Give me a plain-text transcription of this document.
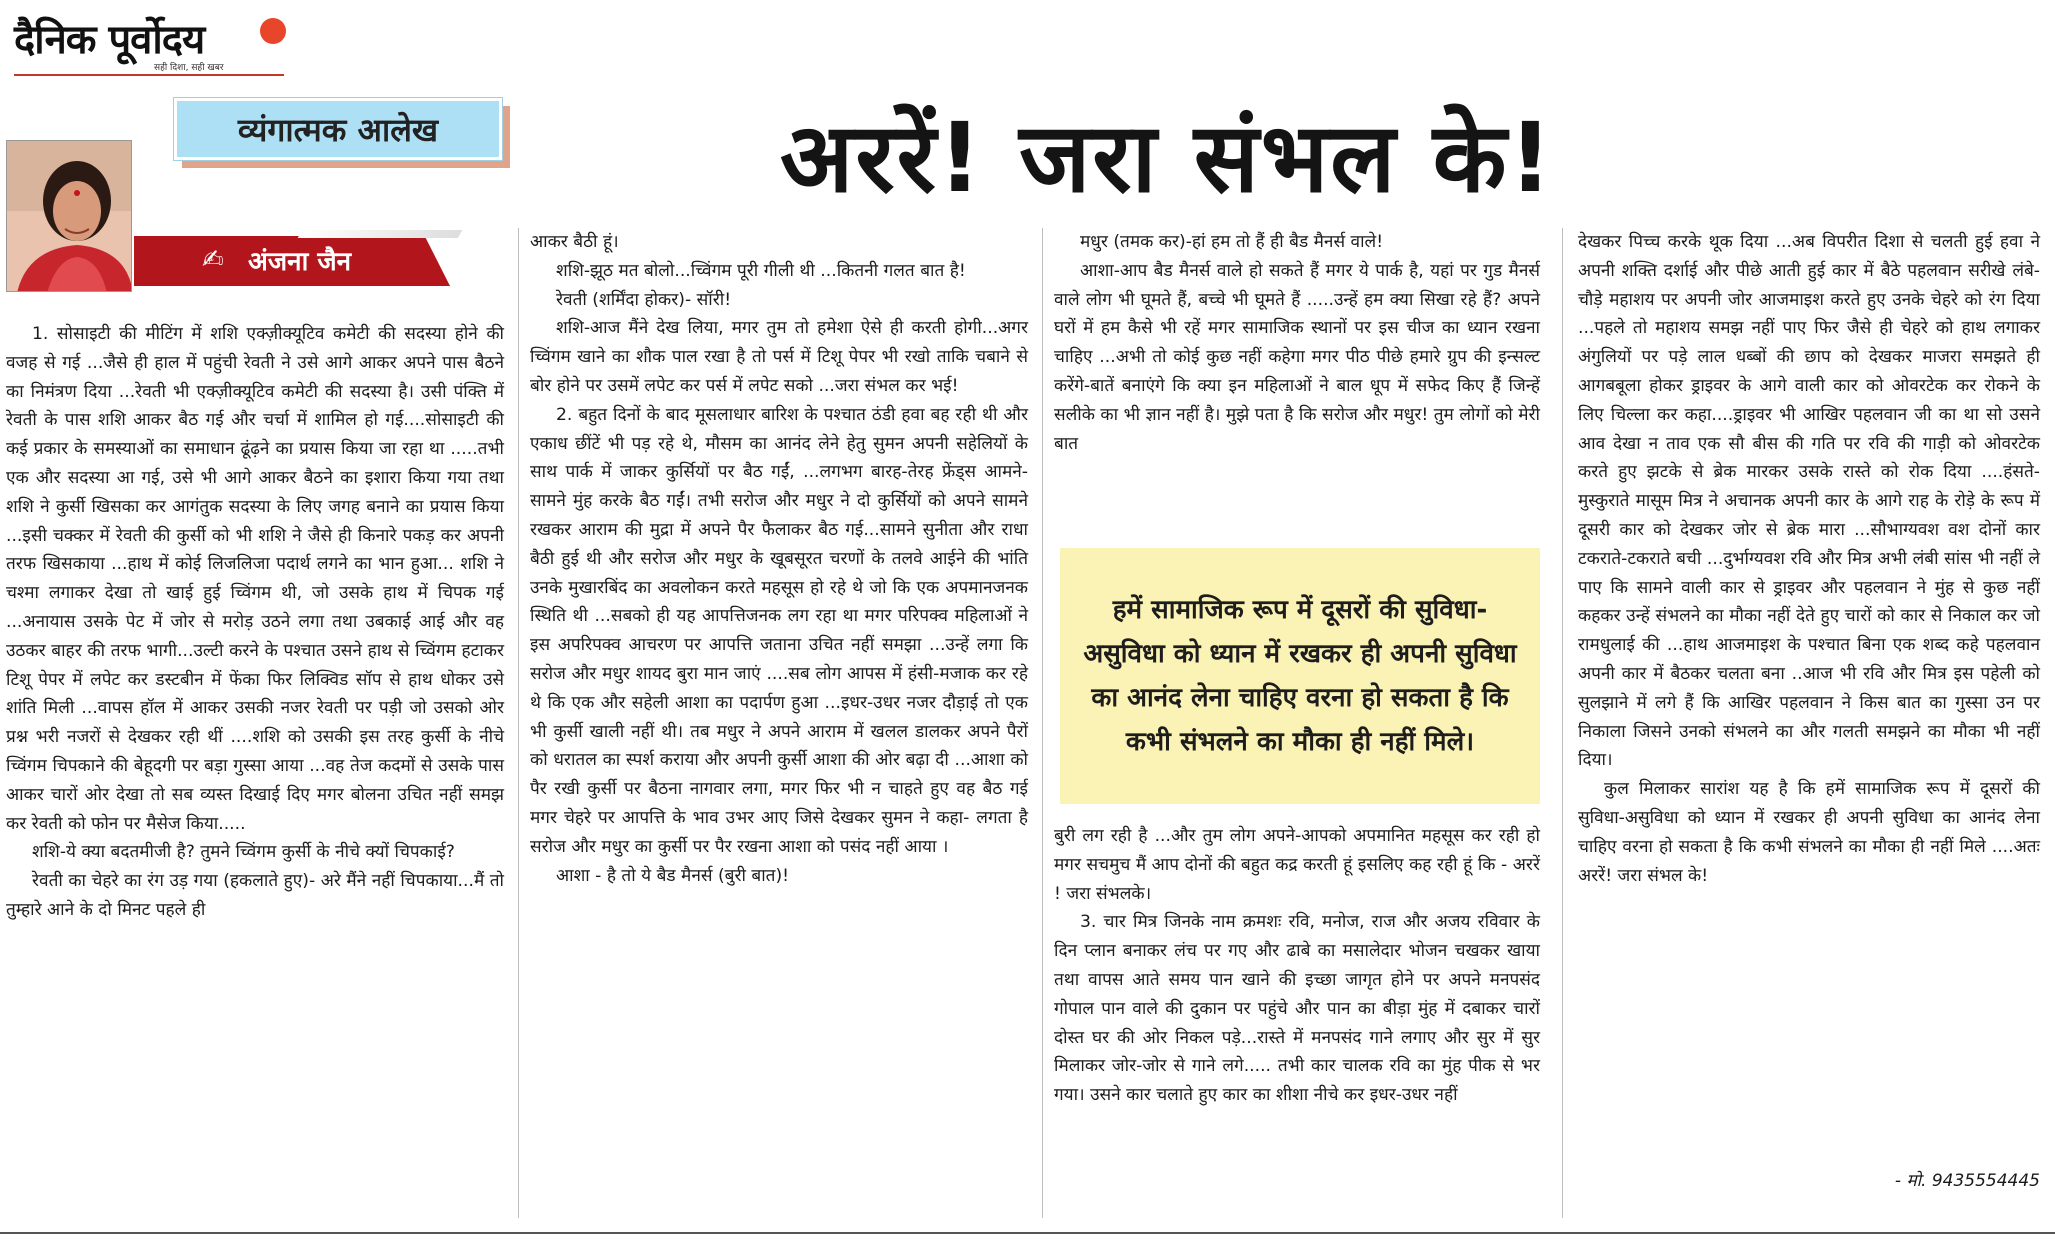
दैनिक पूर्वोदय
सही दिशा, सही खबर
व्यंगात्मक आलेख	अररें! जरा संभल के!
✍ अंजना जैन

1. सोसाइटी की मीटिंग में शशि एक्ज़ीक्यूटिव कमेटी की सदस्या होने की वजह से गई ...जैसे ही हाल में पहुंची रेवती ने उसे आगे आकर अपने पास बैठने का निमंत्रण दिया ...रेवती भी एक्ज़ीक्यूटिव कमेटी की सदस्या है। उसी पंक्ति में रेवती के पास शशि आकर बैठ गई और चर्चा में शामिल हो गई....सोसाइटी की कई प्रकार के समस्याओं का समाधान ढूंढ़ने का प्रयास किया जा रहा था .....तभी एक और सदस्या आ गई, उसे भी आगे आकर बैठने का इशारा किया गया तथा शशि ने कुर्सी खिसका कर आगंतुक सदस्या के लिए जगह बनाने का प्रयास किया ...इसी चक्कर में रेवती की कुर्सी को भी शशि ने जैसे ही किनारे पकड़ कर अपनी तरफ खिसकाया ...हाथ में कोई लिजलिजा पदार्थ लगने का भान हुआ... शशि ने चश्मा लगाकर देखा तो खाई हुई च्विंगम थी, जो उसके हाथ में चिपक गई ...अनायास उसके पेट में जोर से मरोड़ उठने लगा तथा उबकाई आई और वह उठकर बाहर की तरफ भागी...उल्टी करने के पश्चात उसने हाथ से च्विंगम हटाकर टिशू पेपर में लपेट कर डस्टबीन में फेंका फिर लिक्विड सॉप से हाथ धोकर उसे शांति मिली ...वापस हॉल में आकर उसकी नजर रेवती पर पड़ी जो उसको ओर प्रश्न भरी नजरों से देखकर रही थीं ....शशि को उसकी इस तरह कुर्सी के नीचे च्विंगम चिपकाने की बेहूदगी पर बड़ा गुस्सा आया ...वह तेज कदमों से उसके पास आकर चारों ओर देखा तो सब व्यस्त दिखाई दिए मगर बोलना उचित नहीं समझ कर रेवती को फोन पर मैसेज किया.....

शशि-ये क्या बदतमीजी है? तुमने च्विंगम कुर्सी के नीचे क्यों चिपकाई?

रेवती का चेहरे का रंग उड़ गया (हकलाते हुए)- अरे मैंने नहीं चिपकाया...मैं तो तुम्हारे आने के दो मिनट पहले ही

आकर बैठी हूं।

शशि-झूठ मत बोलो...च्विंगम पूरी गीली थी ...कितनी गलत बात है!

रेवती (शर्मिंदा होकर)- सॉरी!

शशि-आज मैंने देख लिया, मगर तुम तो हमेशा ऐसे ही करती होगी...अगर च्विंगम खाने का शौक पाल रखा है तो पर्स में टिशू पेपर भी रखो ताकि चबाने से बोर होने पर उसमें लपेट कर पर्स में लपेट सको ...जरा संभल कर भई!

2. बहुत दिनों के बाद मूसलाधार बारिश के पश्चात ठंडी हवा बह रही थी और एकाध छींटें भी पड़ रहे थे, मौसम का आनंद लेने हेतु सुमन अपनी सहेलियों के साथ पार्क में जाकर कुर्सियों पर बैठ गईं, ...लगभग बारह-तेरह फ्रेंड्स आमने-सामने मुंह करके बैठ गईं। तभी सरोज और मधुर ने दो कुर्सियों को अपने सामने रखकर आराम की मुद्रा में अपने पैर फैलाकर बैठ गई...सामने सुनीता और राधा बैठी हुई थी और सरोज और मधुर के खूबसूरत चरणों के तलवे आईने की भांति उनके मुखारबिंद का अवलोकन करते महसूस हो रहे थे जो कि एक अपमानजनक स्थिति थी ...सबको ही यह आपत्तिजनक लग रहा था मगर परिपक्व महिलाओं ने इस अपरिपक्व आचरण पर आपत्ति जताना उचित नहीं समझा ...उन्हें लगा कि सरोज और मधुर शायद बुरा मान जाएं ....सब लोग आपस में हंसी-मजाक कर रहे थे कि एक और सहेली आशा का पदार्पण हुआ ...इधर-उधर नजर दौड़ाई तो एक भी कुर्सी खाली नहीं थी। तब मधुर ने अपने आराम में खलल डालकर अपने पैरों को धरातल का स्पर्श कराया और अपनी कुर्सी आशा की ओर बढ़ा दी ...आशा को पैर रखी कुर्सी पर बैठना नागवार लगा, मगर फिर भी न चाहते हुए वह बैठ गई मगर चेहरे पर आपत्ति के भाव उभर आए जिसे देखकर सुमन ने कहा- लगता है सरोज और मधुर का कुर्सी पर पैर रखना आशा को पसंद नहीं आया ।

आशा - है तो ये बैड मैनर्स (बुरी बात)!

मधुर (तमक कर)-हां हम तो हैं ही बैड मैनर्स वाले!

आशा-आप बैड मैनर्स वाले हो सकते हैं मगर ये पार्क है, यहां पर गुड मैनर्स वाले लोग भी घूमते हैं, बच्चे भी घूमते हैं .....उन्हें हम क्या सिखा रहे हैं? अपने घरों में हम कैसे भी रहें मगर सामाजिक स्थानों पर इस चीज का ध्यान रखना चाहिए ...अभी तो कोई कुछ नहीं कहेगा मगर पीठ पीछे हमारे ग्रुप की इन्सल्ट करेंगे-बातें बनाएंगे कि क्या इन महिलाओं ने बाल धूप में सफेद किए हैं जिन्हें सलीके का भी ज्ञान नहीं है। मुझे पता है कि सरोज और मधुर! तुम लोगों को मेरी बात

हमें सामाजिक रूप में दूसरों की सुविधा-असुविधा को ध्यान में रखकर ही अपनी सुविधा का आनंद लेना चाहिए वरना हो सकता है कि कभी संभलने का मौका ही नहीं मिले।

बुरी लग रही है ...और तुम लोग अपने-आपको अपमानित महसूस कर रही हो मगर सचमुच मैं आप दोनों की बहुत कद्र करती हूं इसलिए कह रही हूं कि - अररें ! जरा संभलके।

3. चार मित्र जिनके नाम क्रमशः रवि, मनोज, राज और अजय रविवार के दिन प्लान बनाकर लंच पर गए और ढाबे का मसालेदार भोजन चखकर खाया तथा वापस आते समय पान खाने की इच्छा जागृत होने पर अपने मनपसंद गोपाल पान वाले की दुकान पर पहुंचे और पान का बीड़ा मुंह में दबाकर चारों दोस्त घर की ओर निकल पड़े...रास्ते में मनपसंद गाने लगाए और सुर में सुर मिलाकर जोर-जोर से गाने लगे..... तभी कार चालक रवि का मुंह पीक से भर गया। उसने कार चलाते हुए कार का शीशा नीचे कर इधर-उधर नहीं

देखकर पिच्च करके थूक दिया ...अब विपरीत दिशा से चलती हुई हवा ने अपनी शक्ति दर्शाई और पीछे आती हुई कार में बैठे पहलवान सरीखे लंबे-चौड़े महाशय पर अपनी जोर आजमाइश करते हुए उनके चेहरे को रंग दिया ...पहले तो महाशय समझ नहीं पाए फिर जैसे ही चेहरे को हाथ लगाकर अंगुलियों पर पड़े लाल धब्बों की छाप को देखकर माजरा समझते ही आगबबूला होकर ड्राइवर के आगे वाली कार को ओवरटेक कर रोकने के लिए चिल्ला कर कहा....ड्राइवर भी आखिर पहलवान जी का था सो उसने आव देखा न ताव एक सौ बीस की गति पर रवि की गाड़ी को ओवरटेक करते हुए झटके से ब्रेक मारकर उसके रास्ते को रोक दिया ....हंसते-मुस्कुराते मासूम मित्र ने अचानक अपनी कार के आगे राह के रोड़े के रूप में दूसरी कार को देखकर जोर से ब्रेक मारा ...सौभाग्यवश वश दोनों कार टकराते-टकराते बची ...दुर्भाग्यवश रवि और मित्र अभी लंबी सांस भी नहीं ले पाए कि सामने वाली कार से ड्राइवर और पहलवान ने मुंह से कुछ नहीं कहकर उन्हें संभलने का मौका नहीं देते हुए चारों को कार से निकाल कर जो रामधुलाई की ...हाथ आजमाइश के पश्चात बिना एक शब्द कहे पहलवान अपनी कार में बैठकर चलता बना ..आज भी रवि और मित्र इस पहेली को सुलझाने में लगे हैं कि आखिर पहलवान ने किस बात का गुस्सा उन पर निकाला जिसने उनको संभलने का और गलती समझने का मौका भी नहीं दिया।

कुल मिलाकर सारांश यह है कि हमें सामाजिक रूप में दूसरों की सुविधा-असुविधा को ध्यान में रखकर ही अपनी सुविधा का आनंद लेना चाहिए वरना हो सकता है कि कभी संभलने का मौका ही नहीं मिले ....अतः अररें! जरा संभल के!

- मो. 9435554445
